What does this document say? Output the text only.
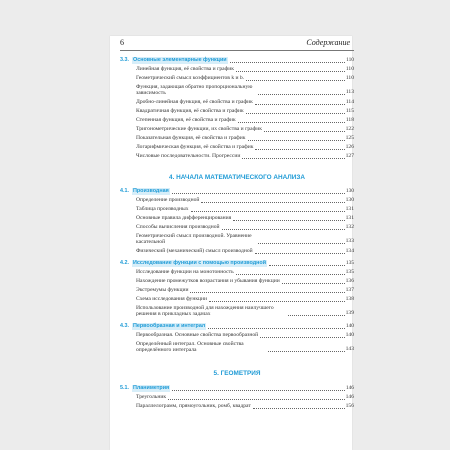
6	Содержание
3.3. Основные элементарные функции	110
Линейная функция, её свойства и график	110
Геометрический смысл коэффициентов k и b.	110
Функция, задающая обратно пропорциональную зависимость	113
Дробно-линейная функция, её свойства и график	114
Квадратичная функция, её свойства и график	115
Степенная функция, её свойства и график	118
Тригонометрические функции, их свойства и график	122
Показательная функция, её свойства и график	125
Логарифмическая функция, её свойства и график	126
Числовые последовательности. Прогрессии	127
4. НАЧАЛА МАТЕМАТИЧЕСКОГО АНАЛИЗА
4.1. Производная	130
Определение производной	130
Таблица производных	131
Основные правила дифференцирования	131
Способы вычисления производной	132
Геометрический смысл производной. Уравнение касательной	133
Физический (механический) смысл производной	134
4.2. Исследование функции с помощью производной	135
Исследование функции на монотонность	135
Нахождение промежутков возрастания и убывания функции	136
Экстремумы функции	137
Схема исследования функции	138
Использование производной для нахождения наилучшего решения в прикладных задачах	139
4.3. Первообразная и интеграл	140
Первообразная. Основные свойства первообразной	140
Определённый интеграл. Основные свойства определённого интеграла	143
5. ГЕОМЕТРИЯ
5.1. Планиметрия	146
Треугольник	146
Параллелограмм, прямоугольник, ромб, квадрат	156
